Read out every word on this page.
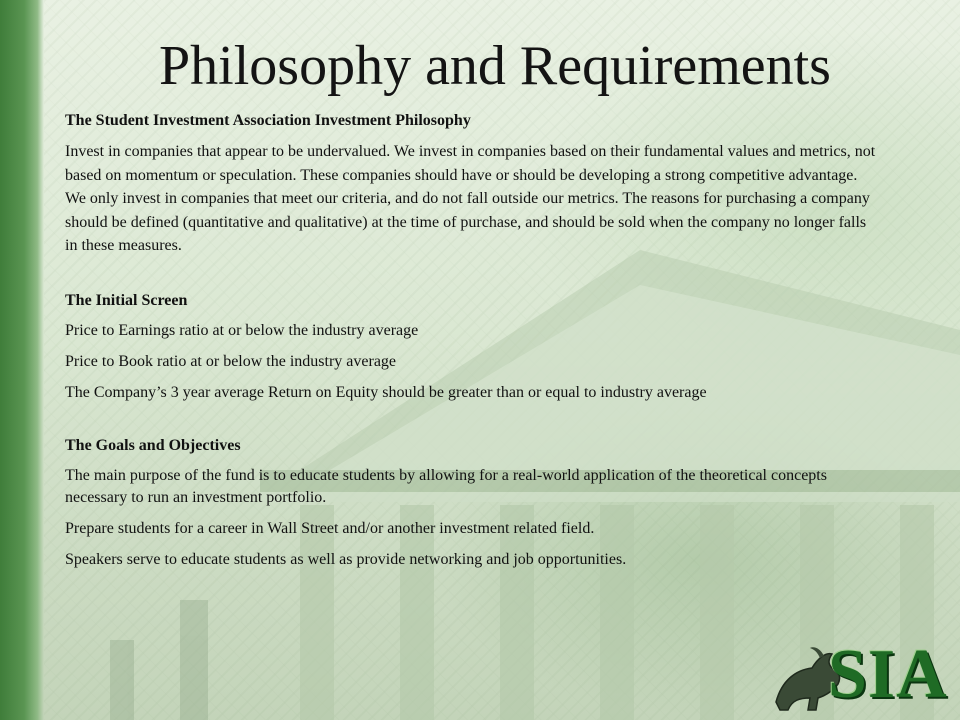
Philosophy and Requirements
The Student Investment Association Investment Philosophy
Invest in companies that appear to be undervalued. We invest in companies based on their fundamental values and metrics, not based on momentum or speculation. These companies should have or should be developing a strong competitive advantage. We only invest in companies that meet our criteria, and do not fall outside our metrics. The reasons for purchasing a company should be defined (quantitative and qualitative) at the time of purchase, and should be sold when the company no longer falls in these measures.
The Initial Screen
Price to Earnings ratio at or below the industry average
Price to Book ratio at or below the industry average
The Company’s 3 year average Return on Equity should be greater than or equal to industry average
The Goals and Objectives
The main purpose of the fund is to educate students by allowing for a real-world application of the theoretical concepts necessary to run an investment portfolio.
Prepare students for a career in Wall Street and/or another investment related field.
Speakers serve to educate students as well as provide networking and job opportunities.
SIA
